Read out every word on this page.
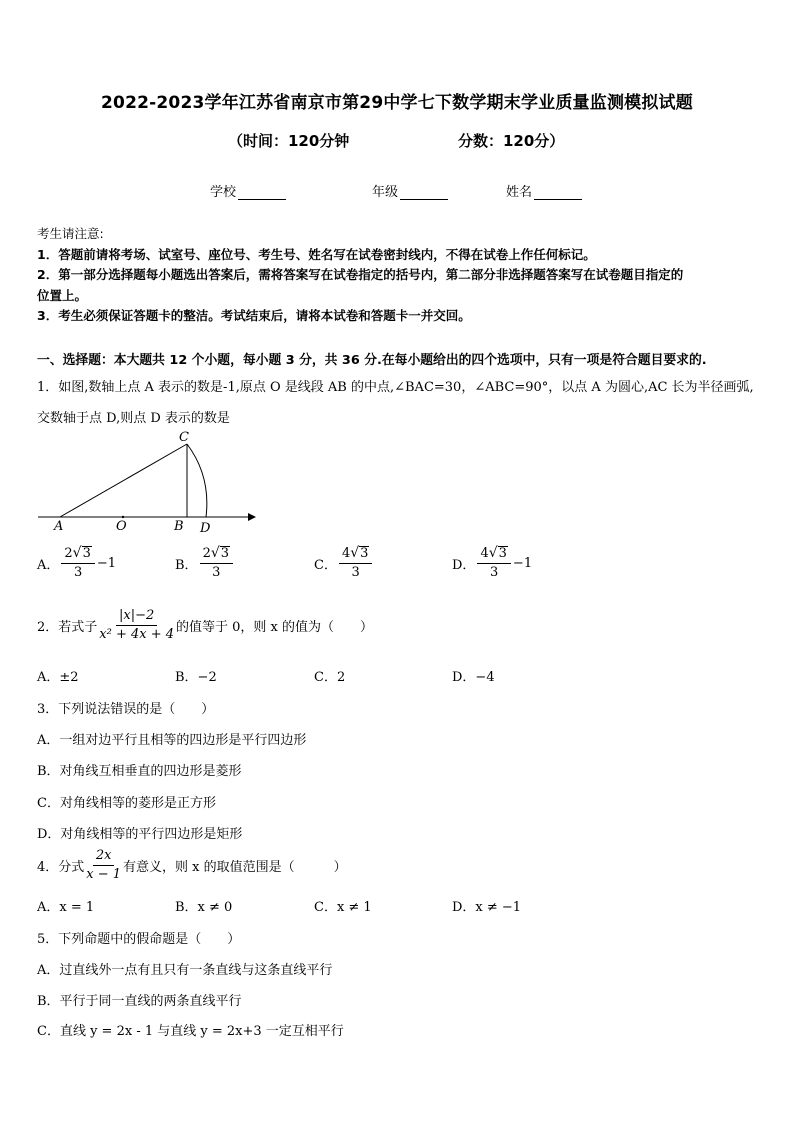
2022-2023学年江苏省南京市第29中学七下数学期末学业质量监测模拟试题
（时间：120分钟	分数：120分）
学校	年级	姓名

考生请注意:

1．答题前请将考场、试室号、座位号、考生号、姓名写在试卷密封线内，不得在试卷上作任何标记。

2．第一部分选择题每小题选出答案后，需将答案写在试卷指定的括号内，第二部分非选择题答案写在试卷题目指定的

位置上。

3．考生必须保证答题卡的整洁。考试结束后，请将本试卷和答题卡一并交回。

一、选择题：本大题共 12 个小题，每小题 3 分，共 36 分.在每小题给出的四个选项中，只有一项是符合题目要求的.
1．如图,数轴上点 A 表示的数是-1,原点 O 是线段 AB 的中点,∠BAC=30，∠ABC=90°，以点 A 为圆心,AC 长为半径画弧,
交数轴于点 D,则点 D 表示的数是
A	O	B D
C
A． $\frac{2 √ 3}{3} -1$	B． $\frac{2 √ 3}{3}$	C． $\frac{4 √ 3}{3}$	D． $\frac{4 √ 3}{3} -1$
2．若式子 $\frac{|x|-2}{\text{x² + 4x + 4}}$ 的值等于 0，则 x 的值为（　　）
A．±2	B．−2	C．2	D．−4
3．下列说法错误的是（　　）
A．一组对边平行且相等的四边形是平行四边形
B．对角线互相垂直的四边形是菱形
C．对角线相等的菱形是正方形
D．对角线相等的平行四边形是矩形
4．分式 $\frac{2x}{x - 1}$ 有意义，则 x 的取值范围是（　　　）
A．x = 1	B．x ≠ 0	C．x ≠ 1	D．x ≠ −1
5．下列命题中的假命题是（　　）
A．过直线外一点有且只有一条直线与这条直线平行
B．平行于同一直线的两条直线平行
C．直线 y = 2x - 1 与直线 y = 2x+3 一定互相平行
